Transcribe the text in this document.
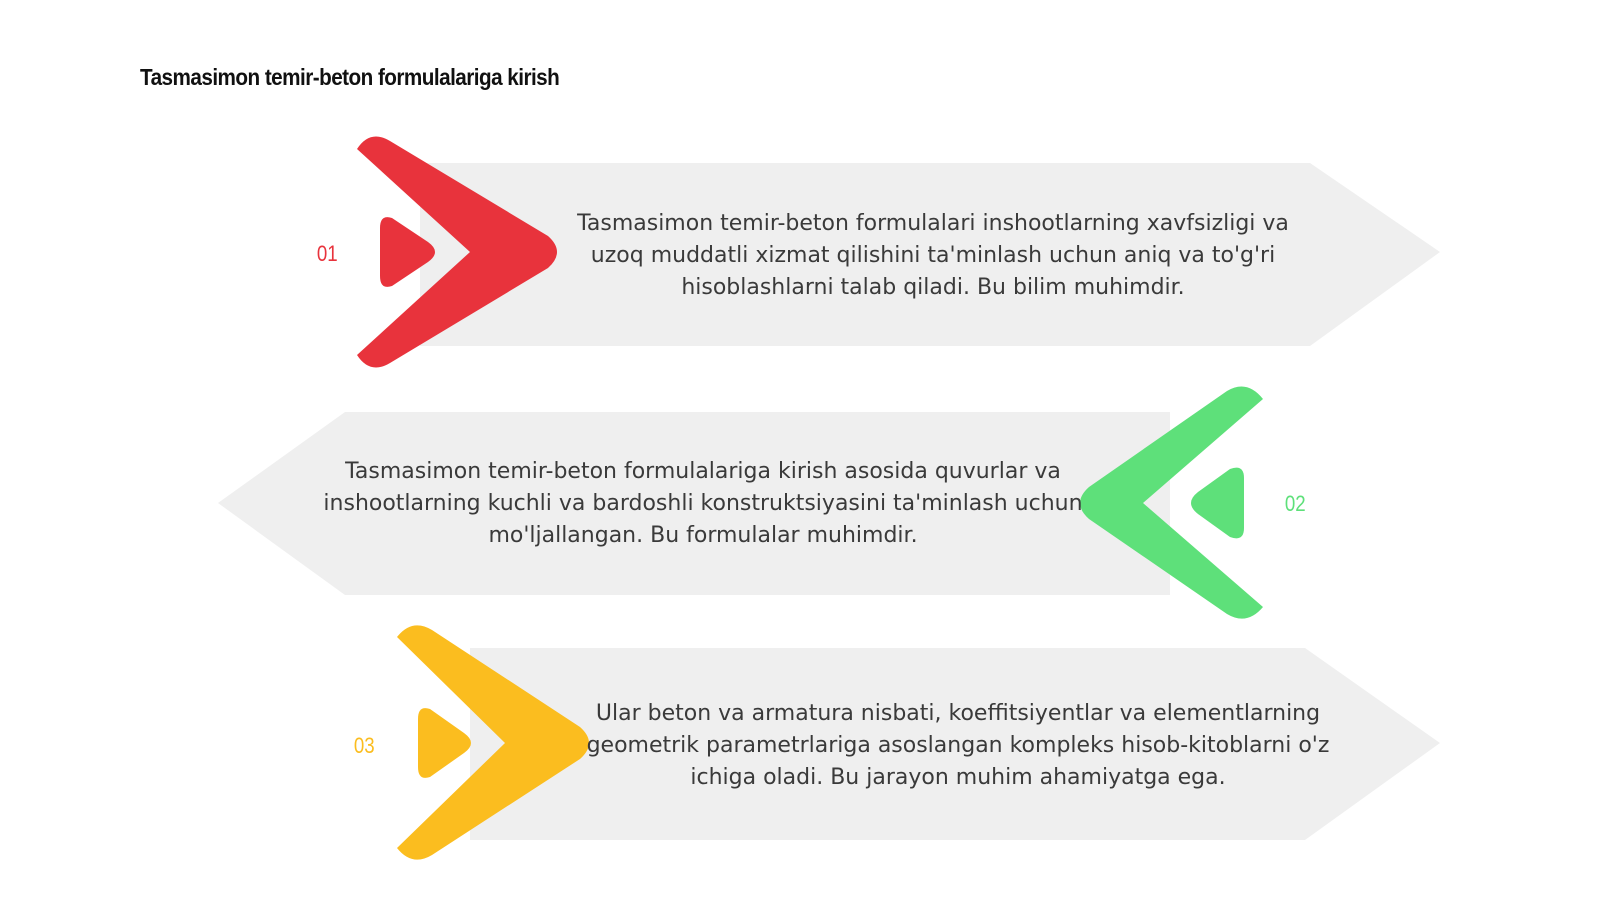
Tasmasimon temir-beton formulalariga kirish
01
Tasmasimon temir-beton formulalari inshootlarning xavfsizligi va uzoq muddatli xizmat qilishini ta'minlash uchun aniq va to'g'ri hisoblashlarni talab qiladi. Bu bilim muhimdir.
02
Tasmasimon temir-beton formulalariga kirish asosida quvurlar va inshootlarning kuchli va bardoshli konstruktsiyasini ta'minlash uchun mo'ljallangan. Bu formulalar muhimdir.
03
Ular beton va armatura nisbati, koeffitsiyentlar va elementlarning geometrik parametrlariga asoslangan kompleks hisob-kitoblarni o'z ichiga oladi. Bu jarayon muhim ahamiyatga ega.
